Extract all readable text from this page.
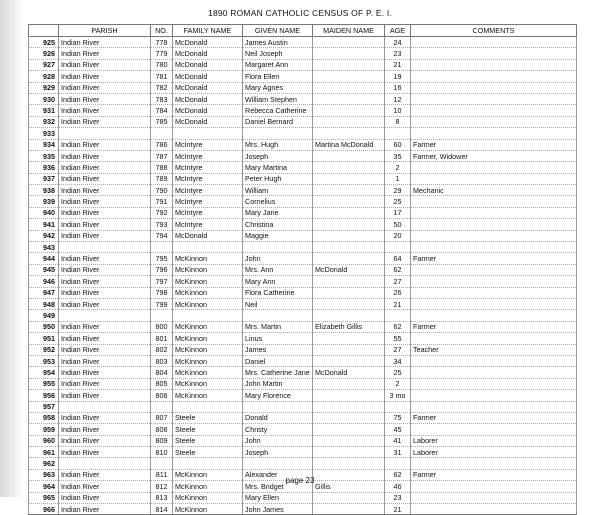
1890 ROMAN CATHOLIC CENSUS OF P. E. I.
	PARISH	NO.	FAMILY NAME	GIVEN NAME	MAIDEN NAME	AGE	COMMENTS
925	Indian River	778	McDonald	James Austin		24	
926	Indian River	779	McDonald	Neil Joseph		23	
927	Indian River	780	McDonald	Margaret Ann		21	
928	Indian River	781	McDonald	Flora Ellen		19	
929	Indian River	782	McDonald	Mary Agnes		16	
930	Indian River	783	McDonald	William Stephen		12	
931	Indian River	784	McDonald	Rebecca Catherine		10	
932	Indian River	785	McDonald	Daniel Bernard		8	
933							
934	Indian River	786	McIntyre	Mrs. Hugh	Martina McDonald	60	Farmer
935	Indian River	787	McIntyre	Joseph		35	Farmer, Widower
936	Indian River	788	McIntyre	Mary Martina		2	
937	Indian River	789	McIntyre	Peter Hugh		1	
938	Indian River	790	McIntyre	William		29	Mechanic
939	Indian River	791	McIntyre	Cornelius		25	
940	Indian River	792	McIntyre	Mary Jane		17	
941	Indian River	793	McIntyre	Christina		50	
942	Indian River	794	McDonald	Maggie		20	
943							
944	Indian River	795	McKinnon	John		64	Farmer
945	Indian River	796	McKinnon	Mrs. Ann	McDonald	62	
946	Indian River	797	McKinnon	Mary Ann		27	
947	Indian River	798	McKinnon	Flora Catherine		26	
948	Indian River	799	McKinnon	Neil		21	
949							
950	Indian River	800	McKinnon	Mrs. Martin	Elizabeth Gillis	62	Farmer
951	Indian River	801	McKinnon	Linus		55	
952	Indian River	802	McKinnon	James		27	Teacher
953	Indian River	803	McKinnon	Daniel		34	
954	Indian River	804	McKinnon	Mrs. Catherine Jane	McDonald	25	
955	Indian River	805	McKinnon	John Martin		2	
956	Indian River	806	McKinnon	Mary Florence		3 mo	
957							
958	Indian River	807	Steele	Donald		75	Farmer
959	Indian River	808	Steele	Christy		45	
960	Indian River	809	Steele	John		41	Laborer
961	Indian River	810	Steele	Joseph		31	Laborer
962							
963	Indian River	811	McKinnon	Alexander		62	Farmer
964	Indian River	812	McKinnon	Mrs. Bridget	Gillis	46	
965	Indian River	813	McKinnon	Mary Ellen		23	
966	Indian River	814	McKinnon	John James		21	
page 23
